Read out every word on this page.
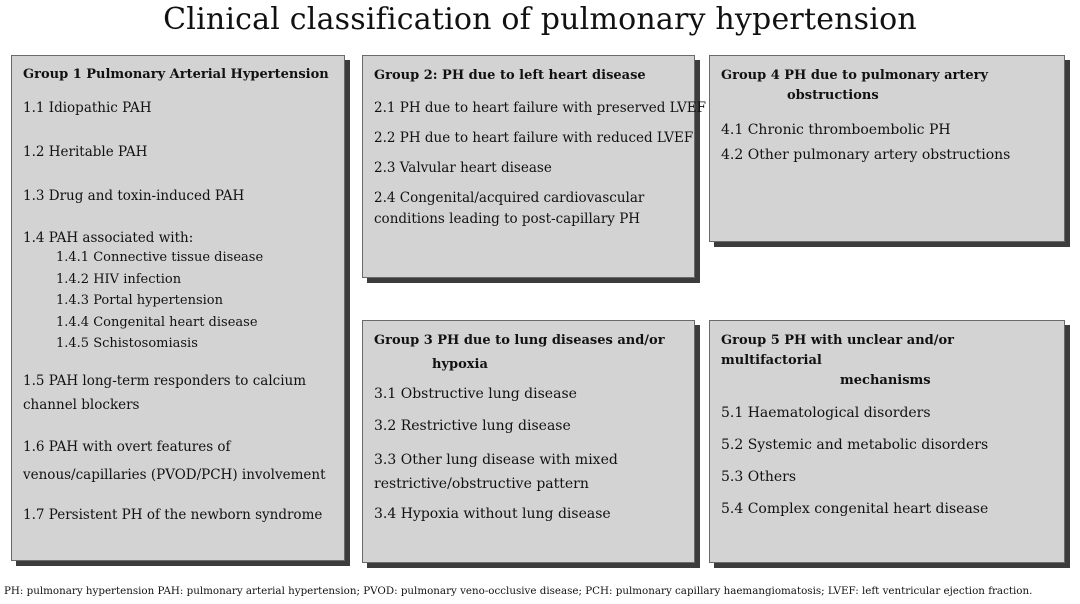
Clinical classification of pulmonary hypertension
Group 1 Pulmonary Arterial Hypertension
1.1 Idiopathic PAH
1.2 Heritable PAH
1.3 Drug and toxin-induced PAH
1.4 PAH associated with:
1.4.1 Connective tissue disease
1.4.2 HIV infection
1.4.3 Portal hypertension
1.4.4 Congenital heart disease
1.4.5 Schistosomiasis
1.5 PAH long-term responders to calcium channel blockers
1.6 PAH with overt features of venous/capillaries (PVOD/PCH) involvement
1.7 Persistent PH of the newborn syndrome
Group 2: PH due to left heart disease
2.1 PH due to heart failure with preserved LVEF
2.2 PH due to heart failure with reduced LVEF
2.3 Valvular heart disease
2.4 Congenital/acquired cardiovascular conditions leading to post-capillary PH
Group 4 PH due to pulmonary artery
obstructions
4.1 Chronic thromboembolic PH
4.2 Other pulmonary artery obstructions
Group 3 PH due to lung diseases and/or
hypoxia
3.1 Obstructive lung disease
3.2 Restrictive lung disease
3.3 Other lung disease with mixed restrictive/obstructive pattern
3.4 Hypoxia without lung disease
Group 5 PH with unclear and/or multifactorial
mechanisms
5.1 Haematological disorders
5.2 Systemic and metabolic disorders
5.3 Others
5.4 Complex congenital heart disease
PH: pulmonary hypertension PAH: pulmonary arterial hypertension; PVOD: pulmonary veno-occlusive disease; PCH: pulmonary capillary haemangiomatosis; LVEF: left ventricular ejection fraction.
